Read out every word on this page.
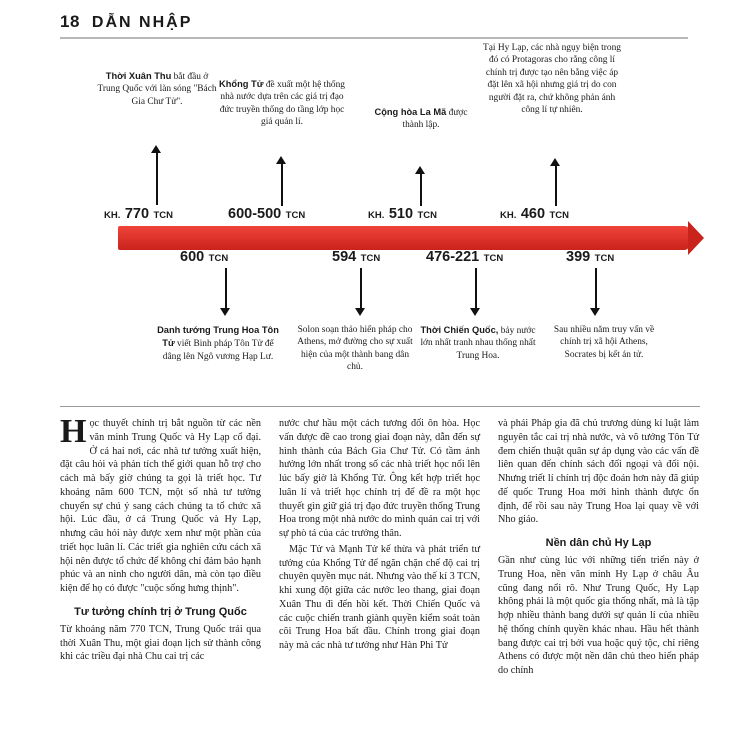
18 DẪN NHẬP
Thời Xuân Thu bắt đầu ở Trung Quốc với làn sóng "Bách Gia Chư Tử".
Khổng Tử đề xuất một hệ thống nhà nước dựa trên các giá trị đạo đức truyền thống do tầng lớp học giả quản lí.
Cộng hòa La Mã được thành lập.
Tại Hy Lạp, các nhà ngụy biện trong đó có Protagoras cho rằng công lí chính trị được tạo nên bằng việc áp đặt lên xã hội nhưng giá trị do con người đặt ra, chứ không phản ánh công lí tự nhiên.
KH. 770 TCN	600-500 TCN	KH. 510 TCN	KH. 460 TCN
600 TCN	594 TCN	476-221 TCN	399 TCN
Danh tướng Trung Hoa Tôn Tử viết Binh pháp Tôn Tử để dâng lên Ngô vương Hạp Lư.
Solon soạn thảo hiến pháp cho Athens, mở đường cho sự xuất hiện của một thành bang dân chủ.
Thời Chiến Quốc, bảy nước lớn nhất tranh nhau thống nhất Trung Hoa.
Sau nhiều năm truy vấn về chính trị xã hội Athens, Socrates bị kết án tử.
H ọc thuyết chính trị bắt nguồn từ các nền văn minh Trung Quốc và Hy Lạp cổ đại. Ở cả hai nơi, các nhà tư tưởng xuất hiện, đặt câu hỏi và phản tích thể giới quan hỗ trợ cho cách mà bấy giờ chúng ta gọi là triết học. Tư khoảng năm 600 TCN, một số nhà tư tưởng chuyển sự chú ý sang cách chúng ta tổ chức xã hội. Lúc đầu, ở cả Trung Quốc và Hy Lạp, nhưng câu hỏi này được xem như một phần của triết học luân lí. Các triết gia nghiên cứu cách xã hội nên được tổ chức để không chỉ đảm bảo hạnh phúc và an ninh cho người dân, mà còn tạo điều kiện để họ có được "cuộc sống hưng thịnh".

Tư tưởng chính trị ở Trung Quốc

Từ khoảng năm 770 TCN, Trung Quốc trải qua thời Xuân Thu, một giai đoạn lịch sử thành công khi các triều đại nhà Chu cai trị các

nước chư hầu một cách tương đối ôn hòa. Học vấn được đề cao trong giai đoạn này, dẫn đến sự hình thành của Bách Gia Chư Tử. Có tầm ảnh hưởng lớn nhất trong số các nhà triết học nổi lên lúc bấy giờ là Khổng Tử. Ông kết hợp triết học luân lí và triết học chính trị để đề ra một học thuyết gìn giữ giá trị đạo đức truyền thống Trung Hoa trong một nhà nước do mình quản cai trị với sự phò tá của các trưởng thân.

Mặc Tử và Mạnh Tử kế thừa và phát triển tư tưởng của Khổng Tử để ngăn chặn chế độ cai trị chuyên quyền mục nát. Nhưng vào thế kỉ 3 TCN, khi xung đột giữa các nước leo thang, giai đoạn Xuân Thu đi đến hồi kết. Thời Chiến Quốc và các cuộc chiến tranh giành quyền kiểm soát toàn cõi Trung Hoa bất đầu. Chính trong giai đoạn này mà các nhà tư tưởng như Hàn Phi Tử

và phái Pháp gia đã chủ trương dùng kỉ luật làm nguyên tắc cai trị nhà nước, và võ tướng Tôn Tử đem chiến thuật quân sự áp dụng vào các vấn đề liên quan đến chính sách đối ngoại và đối nội. Nhưng triết lí chính trị độc đoán hơn này đã giúp đế quốc Trung Hoa mới hình thành được ổn định, để rồi sau này Trung Hoa lại quay về với Nho giáo.

Nền dân chủ Hy Lạp

Gần như cùng lúc với những tiến triển này ở Trung Hoa, nền văn minh Hy Lạp ở châu Âu cũng đang nổi rõ. Như Trung Quốc, Hy Lạp không phải là một quốc gia thống nhất, mà là tập hợp nhiều thành bang dưới sự quản lí của nhiều hệ thống chính quyền khác nhau. Hầu hết thành bang được cai trị bởi vua hoặc quý tộc, chỉ riêng Athens có được một nền dân chủ theo hiến pháp do chính
